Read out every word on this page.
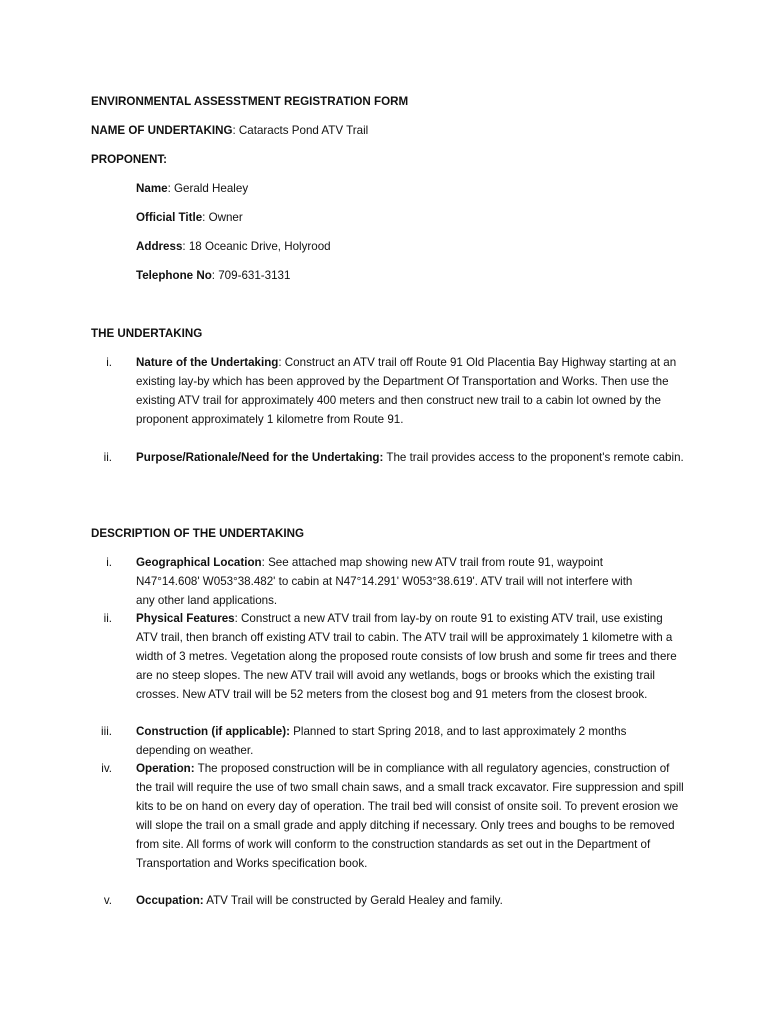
ENVIRONMENTAL ASSESSTMENT REGISTRATION FORM
NAME OF UNDERTAKING: Cataracts Pond ATV Trail
PROPONENT:
Name: Gerald Healey
Official Title: Owner
Address: 18 Oceanic Drive, Holyrood
Telephone No: 709-631-3131
THE UNDERTAKING
i. Nature of the Undertaking: Construct an ATV trail off Route 91 Old Placentia Bay Highway starting at an existing lay-by which has been approved by the Department Of Transportation and Works. Then use the existing ATV trail for approximately 400 meters and then construct new trail to a cabin lot owned by the proponent approximately 1 kilometre from Route 91.
ii. Purpose/Rationale/Need for the Undertaking: The trail provides access to the proponent's remote cabin.
DESCRIPTION OF THE UNDERTAKING
i. Geographical Location: See attached map showing new ATV trail from route 91, waypoint N47°14.608' W053°38.482' to cabin at N47°14.291' W053°38.619'. ATV trail will not interfere with any other land applications.
ii. Physical Features: Construct a new ATV trail from lay-by on route 91 to existing ATV trail, use existing ATV trail, then branch off existing ATV trail to cabin. The ATV trail will be approximately 1 kilometre with a width of 3 metres. Vegetation along the proposed route consists of low brush and some fir trees and there are no steep slopes. The new ATV trail will avoid any wetlands, bogs or brooks which the existing trail crosses. New ATV trail will be 52 meters from the closest bog and 91 meters from the closest brook.
iii. Construction (if applicable): Planned to start Spring 2018, and to last approximately 2 months depending on weather.
iv. Operation: The proposed construction will be in compliance with all regulatory agencies, construction of the trail will require the use of two small chain saws, and a small track excavator. Fire suppression and spill kits to be on hand on every day of operation. The trail bed will consist of onsite soil. To prevent erosion we will slope the trail on a small grade and apply ditching if necessary. Only trees and boughs to be removed from site. All forms of work will conform to the construction standards as set out in the Department of Transportation and Works specification book.
v. Occupation: ATV Trail will be constructed by Gerald Healey and family.
